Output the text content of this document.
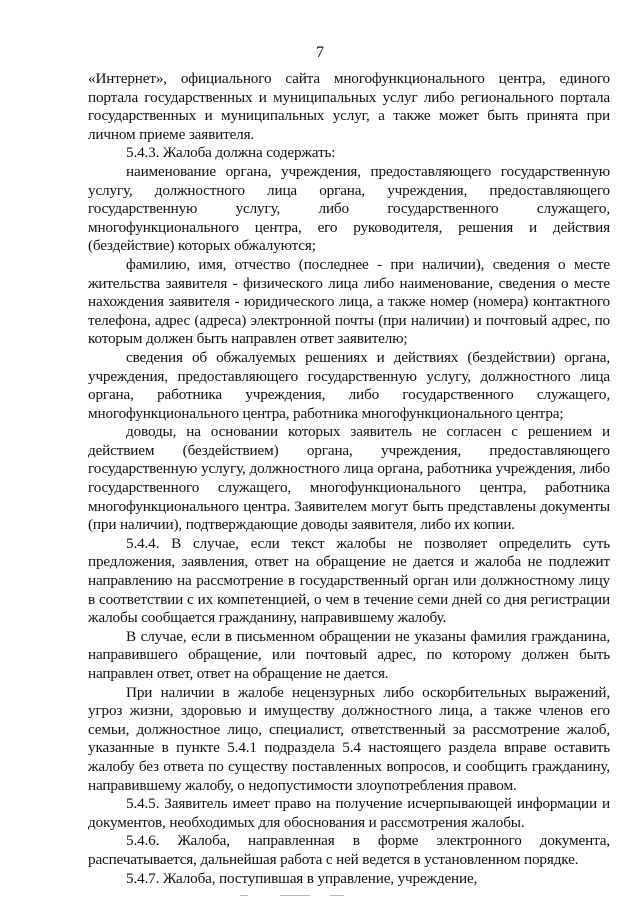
7

«Интернет», официального сайта многофункционального центра, единого портала государственных и муниципальных услуг либо регионального портала государственных и муниципальных услуг, а также может быть принята при личном приеме заявителя.

5.4.3. Жалоба должна содержать:

наименование органа, учреждения, предоставляющего государственную услугу, должностного лица органа, учреждения, предоставляющего государственную услугу, либо государственного служащего, многофункционального центра, его руководителя, решения и действия (бездействие) которых обжалуются;

фамилию, имя, отчество (последнее - при наличии), сведения о месте жительства заявителя - физического лица либо наименование, сведения о месте нахождения заявителя - юридического лица, а также номер (номера) контактного телефона, адрес (адреса) электронной почты (при наличии) и почтовый адрес, по которым должен быть направлен ответ заявителю;

сведения об обжалуемых решениях и действиях (бездействии) органа, учреждения, предоставляющего государственную услугу, должностного лица органа, работника учреждения, либо государственного служащего, многофункционального центра, работника многофункционального центра;

доводы, на основании которых заявитель не согласен с решением и действием (бездействием) органа, учреждения, предоставляющего государственную услугу, должностного лица органа, работника учреждения, либо государственного служащего, многофункционального центра, работника многофункционального центра. Заявителем могут быть представлены документы (при наличии), подтверждающие доводы заявителя, либо их копии.

5.4.4. В случае, если текст жалобы не позволяет определить суть предложения, заявления, ответ на обращение не дается и жалоба не подлежит направлению на рассмотрение в государственный орган или должностному лицу в соответствии с их компетенцией, о чем в течение семи дней со дня регистрации жалобы сообщается гражданину, направившему жалобу.

В случае, если в письменном обращении не указаны фамилия гражданина, направившего обращение, или почтовый адрес, по которому должен быть направлен ответ, ответ на обращение не дается.

При наличии в жалобе нецензурных либо оскорбительных выражений, угроз жизни, здоровью и имуществу должностного лица, а также членов его семьи, должностное лицо, специалист, ответственный за рассмотрение жалоб, указанные в пункте 5.4.1 подраздела 5.4 настоящего раздела вправе оставить жалобу без ответа по существу поставленных вопросов, и сообщить гражданину, направившему жалобу, о недопустимости злоупотребления правом.

5.4.5. Заявитель имеет право на получение исчерпывающей информации и документов, необходимых для обоснования и рассмотрения жалобы.

5.4.6. Жалоба, направленная в форме электронного документа, распечатывается, дальнейшая работа с ней ведется в установленном порядке.

5.4.7. Жалоба, поступившая в управление, учреждение,
